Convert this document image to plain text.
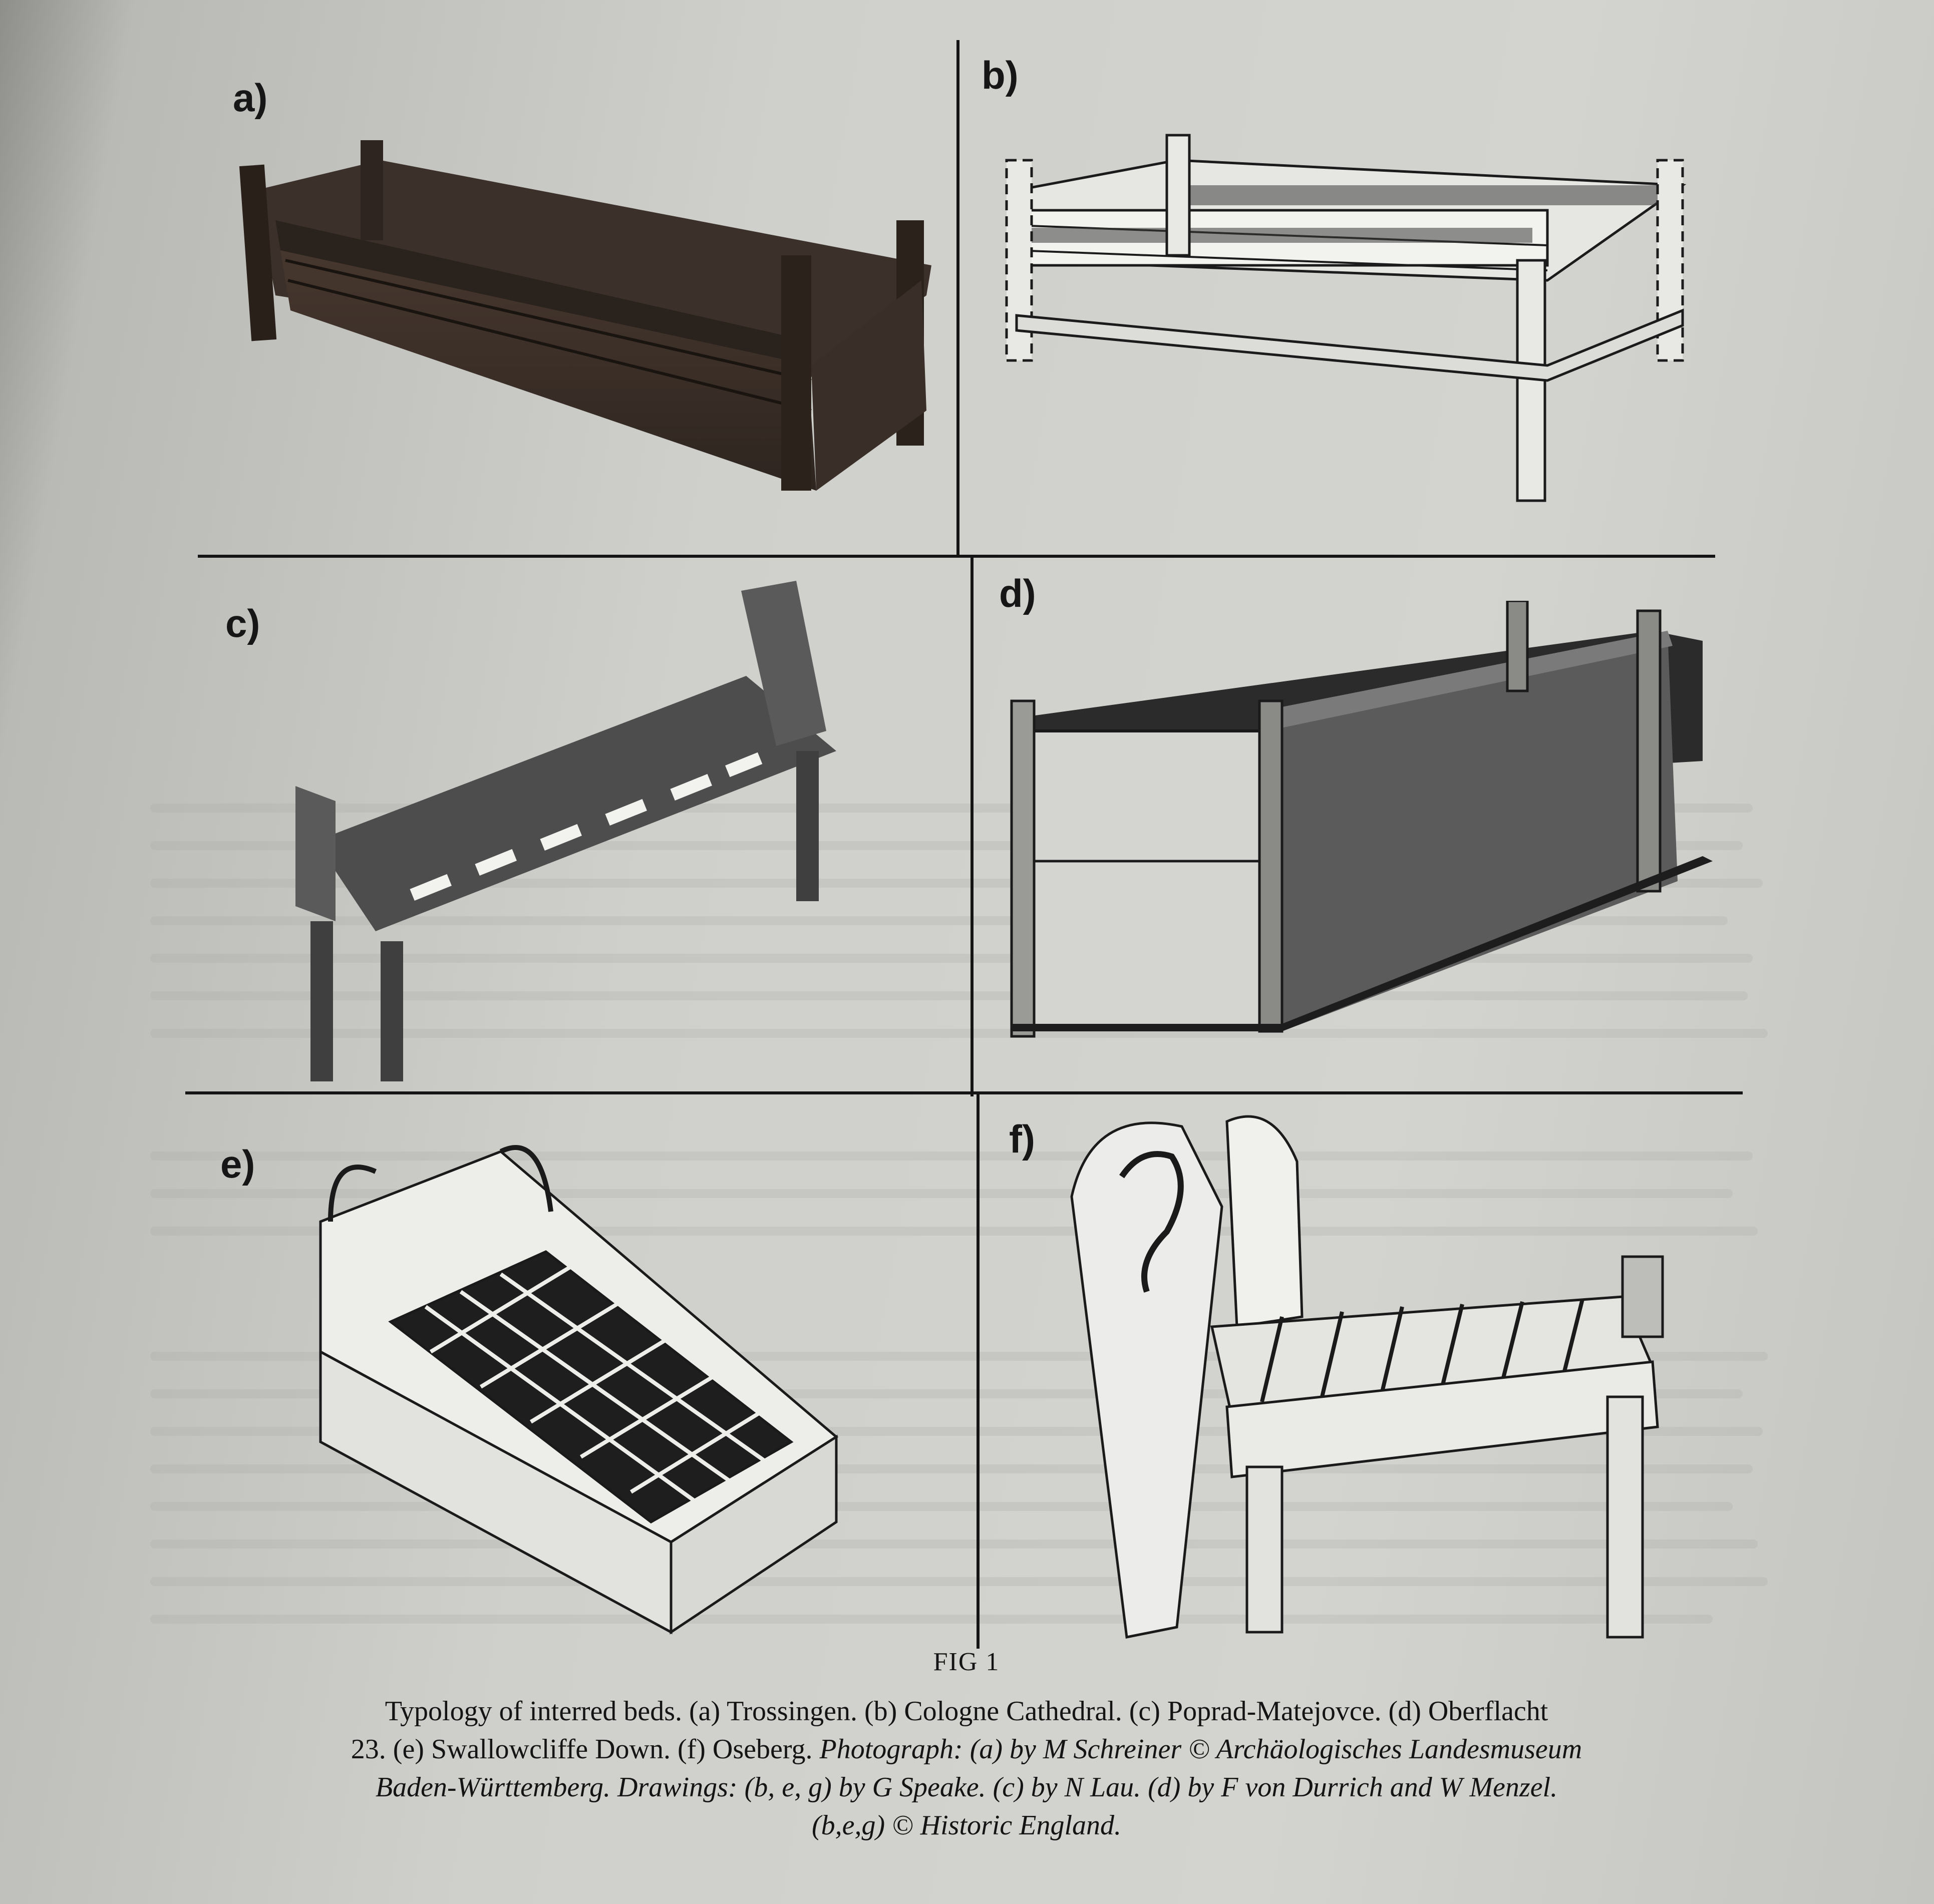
a)
b)
c)
d)
e)
f)
FIG 1
Typology of interred beds. (a) Trossingen. (b) Cologne Cathedral. (c) Poprad-Matejovce. (d) Oberflacht
23. (e) Swallowcliffe Down. (f) Oseberg. Photograph: (a) by M Schreiner © Archäologisches Landesmuseum
Baden-Württemberg. Drawings: (b, e, g) by G Speake. (c) by N Lau. (d) by F von Durrich and W Menzel.
(b,e,g) © Historic England.
